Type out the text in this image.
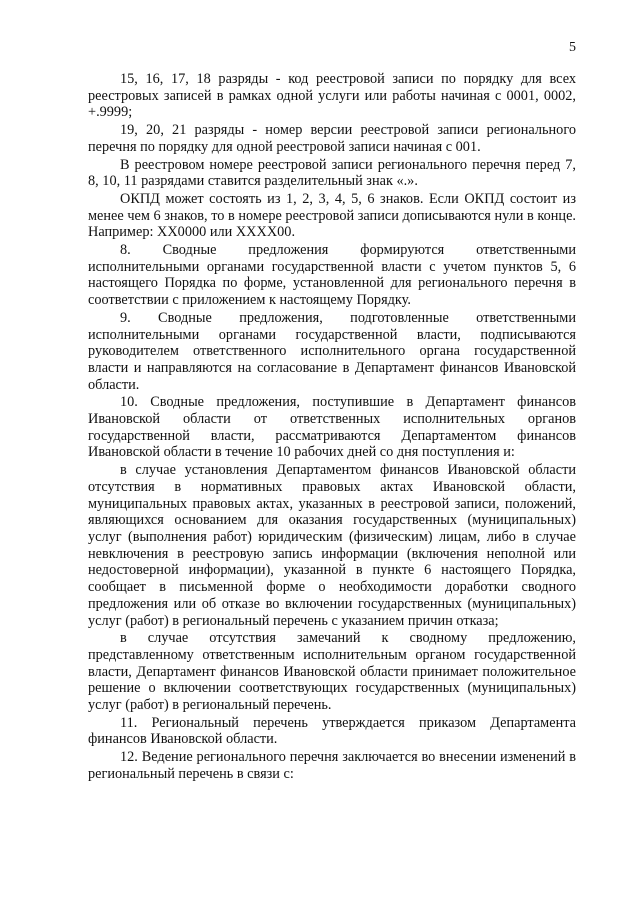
5

15, 16, 17, 18 разряды - код реестровой записи по порядку для всех реестровых записей в рамках одной услуги или работы начиная с 0001, 0002, +.9999;

19, 20, 21 разряды - номер версии реестровой записи регионального перечня по порядку для одной реестровой записи начиная с 001.

В реестровом номере реестровой записи регионального перечня перед 7, 8, 10, 11 разрядами ставится разделительный знак «.».

ОКПД может состоять из 1, 2, 3, 4, 5, 6 знаков. Если ОКПД состоит из менее чем 6 знаков, то в номере реестровой записи дописываются нули в конце. Например: XX0000 или XXXX00.

8. Сводные предложения формируются ответственными исполнительными органами государственной власти с учетом пунктов 5, 6 настоящего Порядка по форме, установленной для регионального перечня в соответствии с приложением к настоящему Порядку.

9. Сводные предложения, подготовленные ответственными исполнительными органами государственной власти, подписываются руководителем ответственного исполнительного органа государственной власти и направляются на согласование в Департамент финансов Ивановской области.

10. Сводные предложения, поступившие в Департамент финансов Ивановской области от ответственных исполнительных органов государственной власти, рассматриваются Департаментом финансов Ивановской области в течение 10 рабочих дней со дня поступления и:

в случае установления Департаментом финансов Ивановской области отсутствия в нормативных правовых актах Ивановской области, муниципальных правовых актах, указанных в реестровой записи, положений, являющихся основанием для оказания государственных (муниципальных) услуг (выполнения работ) юридическим (физическим) лицам, либо в случае невключения в реестровую запись информации (включения неполной или недостоверной информации), указанной в пункте 6 настоящего Порядка, сообщает в письменной форме о необходимости доработки сводного предложения или об отказе во включении государственных (муниципальных) услуг (работ) в региональный перечень с указанием причин отказа;

в случае отсутствия замечаний к сводному предложению, представленному ответственным исполнительным органом государственной власти, Департамент финансов Ивановской области принимает положительное решение о включении соответствующих государственных (муниципальных) услуг (работ) в региональный перечень.

11. Региональный перечень утверждается приказом Департамента финансов Ивановской области.

12. Ведение регионального перечня заключается во внесении изменений в региональный перечень в связи с:
